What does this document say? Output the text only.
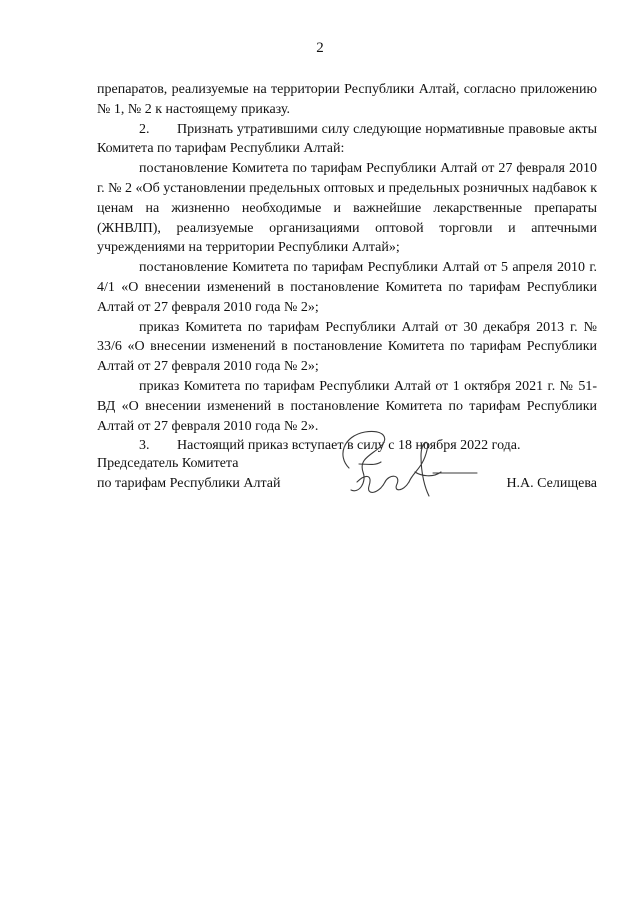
2

препаратов, реализуемые на территории Республики Алтай, согласно приложению № 1, № 2 к настоящему приказу.

2. Признать утратившими силу следующие нормативные правовые акты Комитета по тарифам Республики Алтай:

постановление Комитета по тарифам Республики Алтай от 27 февраля 2010 г. № 2 «Об установлении предельных оптовых и предельных розничных надбавок к ценам на жизненно необходимые и важнейшие лекарственные препараты (ЖНВЛП), реализуемые организациями оптовой торговли и аптечными учреждениями на территории Республики Алтай»;

постановление Комитета по тарифам Республики Алтай от 5 апреля 2010 г. 4/1 «О внесении изменений в постановление Комитета по тарифам Республики Алтай от 27 февраля 2010 года № 2»;

приказ Комитета по тарифам Республики Алтай от 30 декабря 2013 г. № 33/6 «О внесении изменений в постановление Комитета по тарифам Республики Алтай от 27 февраля 2010 года № 2»;

приказ Комитета по тарифам Республики Алтай от 1 октября 2021 г. № 51-ВД «О внесении изменений в постановление Комитета по тарифам Республики Алтай от 27 февраля 2010 года № 2».

3. Настоящий приказ вступает в силу с 18 ноября 2022 года.

Председатель Комитета
по тарифам Республики Алтай	Н.А. Селищева
